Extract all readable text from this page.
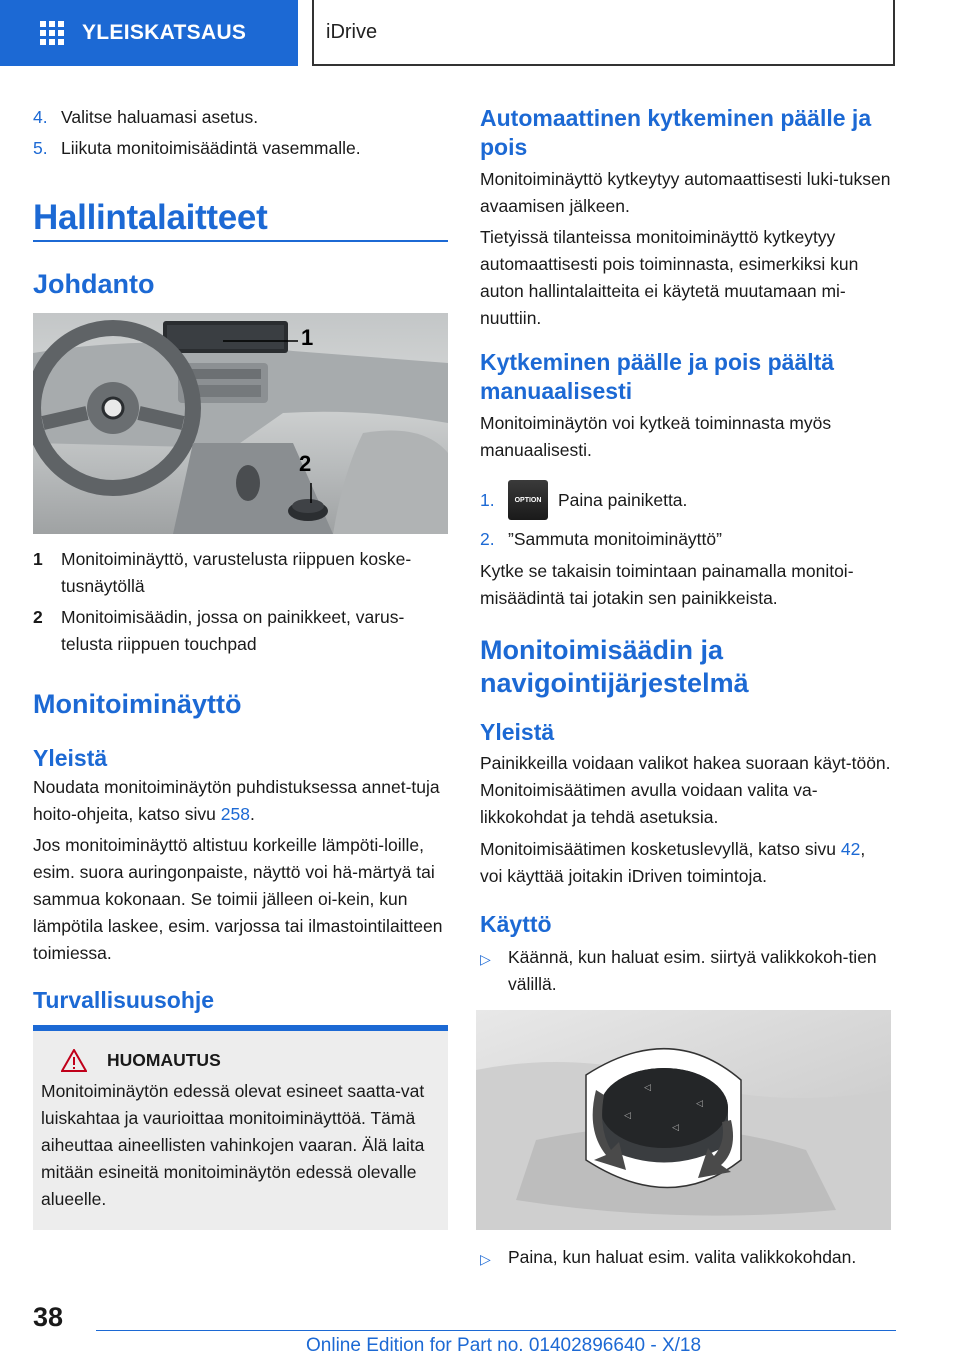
YLEISKATSAUS	iDrive
4. Valitse haluamasi asetus.
5. Liikuta monitoimisäädintä vasemmalle.
Hallintalaitteet
Johdanto
1
2
1	Monitoiminäyttö, varustelusta riippuen koske-tusnäytöllä
2	Monitoimisäädin, jossa on painikkeet, varus-telusta riippuen touchpad
Monitoiminäyttö
Yleistä
Noudata monitoiminäytön puhdistuksessa annet-tuja hoito-ohjeita, katso sivu 258.
Jos monitoiminäyttö altistuu korkeille lämpöti-loille, esim. suora auringonpaiste, näyttö voi hä-märtyä tai sammua kokonaan. Se toimii jälleen oi-kein, kun lämpötila laskee, esim. varjossa tai ilmastointilaitteen toimiessa.
Turvallisuusohje
HUOMAUTUS
Monitoiminäytön edessä olevat esineet saatta-vat luiskahtaa ja vaurioittaa monitoiminäyttöä. Tämä aiheuttaa aineellisten vahinkojen vaaran. Älä laita mitään esineitä monitoiminäytön edessä olevalle alueelle.
Automaattinen kytkeminen päälle ja pois
Monitoiminäyttö kytkeytyy automaattisesti luki-tuksen avaamisen jälkeen.
Tietyissä tilanteissa monitoiminäyttö kytkeytyy automaattisesti pois toiminnasta, esimerkiksi kun auton hallintalaitteita ei käytetä muutamaan mi-nuuttiin.
Kytkeminen päälle ja pois päältä manuaalisesti
Monitoiminäytön voi kytkeä toiminnasta myös manuaalisesti.
1.	OPTION Paina painiketta.
2. ”Sammuta monitoiminäyttö”
Kytke se takaisin toimintaan painamalla monitoi-misäädintä tai jotakin sen painikkeista.
Monitoimisäädin ja navigointijärjestelmä
Yleistä
Painikkeilla voidaan valikot hakea suoraan käyt-töön. Monitoimisäätimen avulla voidaan valita va-likkokohdat ja tehdä asetuksia.
Monitoimisäätimen kosketuslevyllä, katso sivu 42, voi käyttää joitakin iDriven toimintoja.
Käyttö
▷ Käännä, kun haluat esim. siirtyä valikkokoh-tien välillä.
◁
◁
◁
◁
▷ Paina, kun haluat esim. valita valikkokohdan.
38
Online Edition for Part no. 01402896640 - X/18
